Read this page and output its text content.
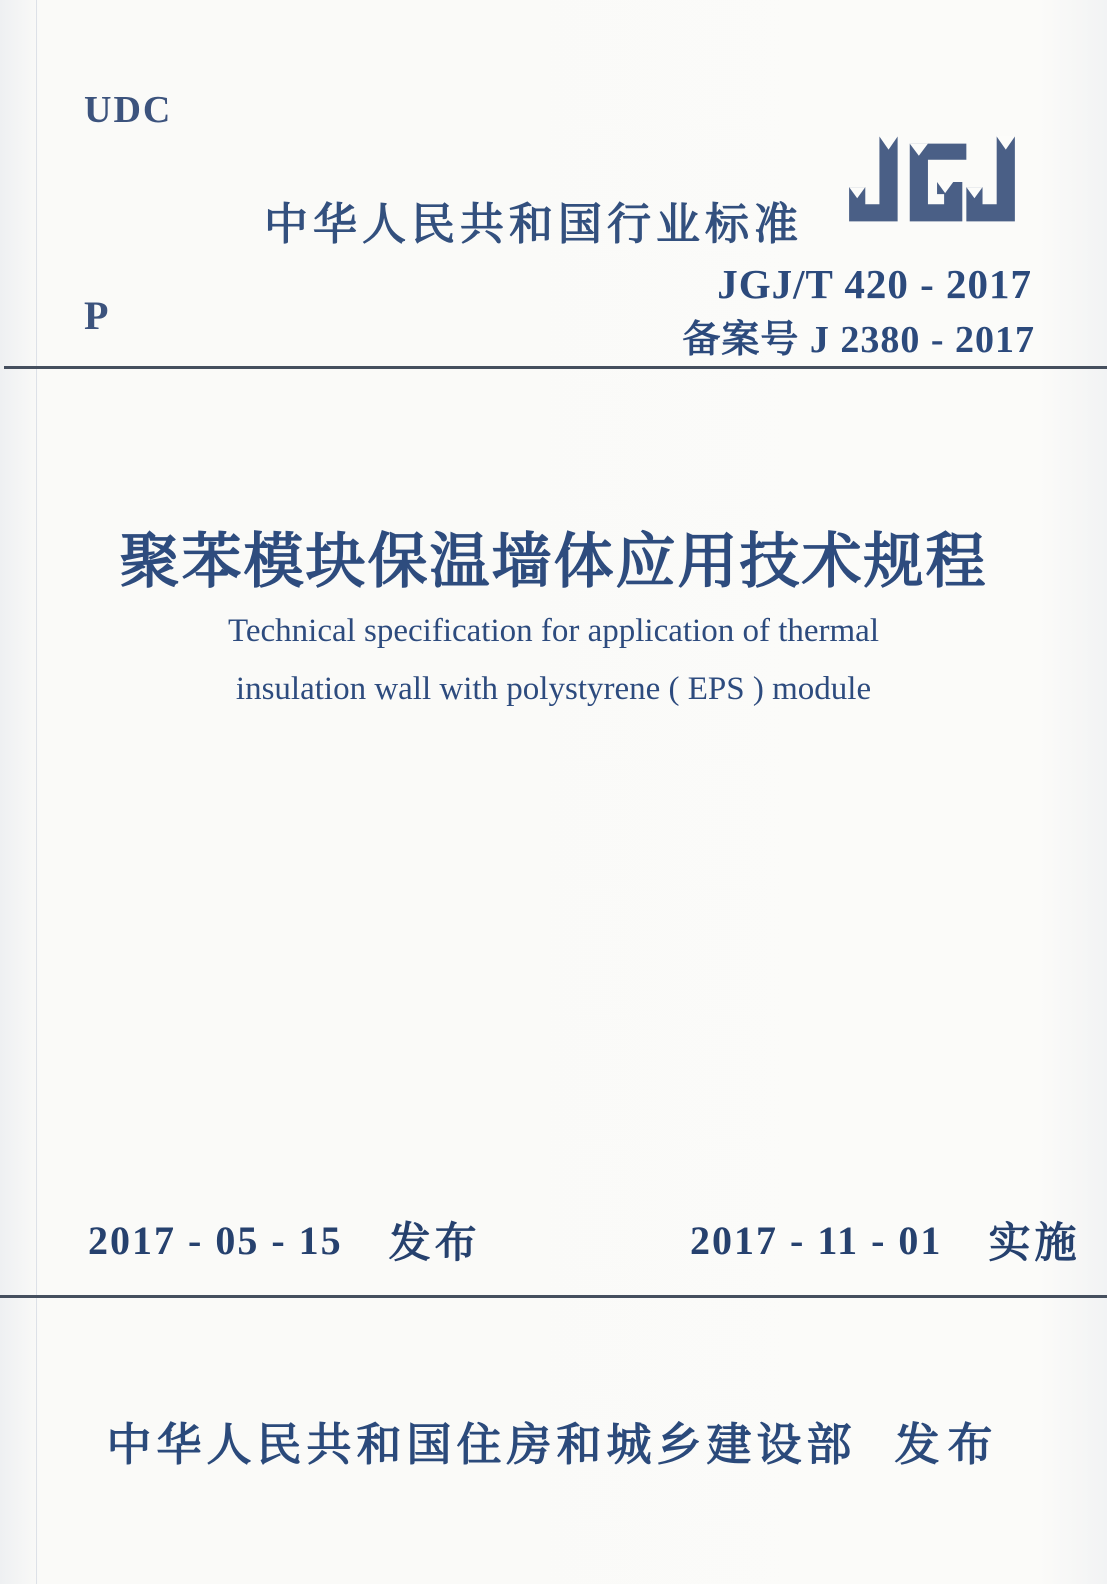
UDC
中华人民共和国行业标准
P
JGJ/T 420 - 2017
备案号 J 2380 - 2017
聚苯模块保温墙体应用技术规程
Technical specification for application of thermal
insulation wall with polystyrene ( EPS ) module
2017 - 05 - 15 发布	2017 - 11 - 01 实施
中华人民共和国住房和城乡建设部 发布
